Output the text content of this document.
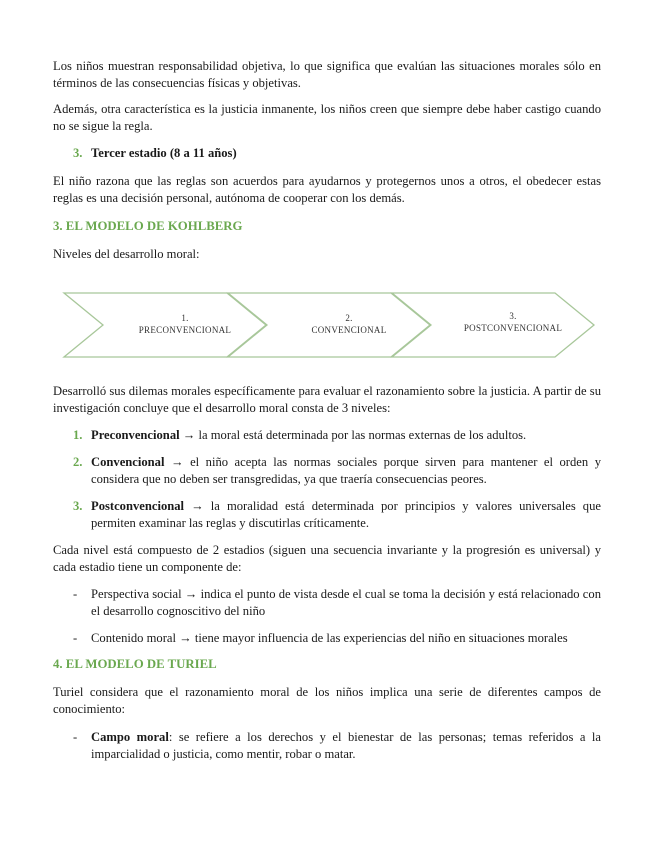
Los niños muestran responsabilidad objetiva, lo que significa que evalúan las situaciones morales sólo en términos de las consecuencias físicas y objetivas.

Además, otra característica es la justicia inmanente, los niños creen que siempre debe haber castigo cuando no se sigue la regla.

3. Tercer estadio (8 a 11 años)

El niño razona que las reglas son acuerdos para ayudarnos y protegernos unos a otros, el obedecer estas reglas es una decisión personal, autónoma de cooperar con los demás.

3. EL MODELO DE KOHLBERG

Niveles del desarrollo moral:

1.
PRECONVENCIONAL
2.
CONVENCIONAL
3.
POSTCONVENCIONAL

Desarrolló sus dilemas morales específicamente para evaluar el razonamiento sobre la justicia. A partir de su investigación concluye que el desarrollo moral consta de 3 niveles:

1. Preconvencional → la moral está determinada por las normas externas de los adultos.
2. Convencional → el niño acepta las normas sociales porque sirven para mantener el orden y considera que no deben ser transgredidas, ya que traería consecuencias peores.
3. Postconvencional → la moralidad está determinada por principios y valores universales que permiten examinar las reglas y discutirlas críticamente.

Cada nivel está compuesto de 2 estadios (siguen una secuencia invariante y la progresión es universal) y cada estadio tiene un componente de:

-	Perspectiva social → indica el punto de vista desde el cual se toma la decisión y está relacionado con el desarrollo cognoscitivo del niño
-	Contenido moral → tiene mayor influencia de las experiencias del niño en situaciones morales
4. EL MODELO DE TURIEL

Turiel considera que el razonamiento moral de los niños implica una serie de diferentes campos de conocimiento:

-	Campo moral: se refiere a los derechos y el bienestar de las personas; temas referidos a la imparcialidad o justicia, como mentir, robar o matar.
